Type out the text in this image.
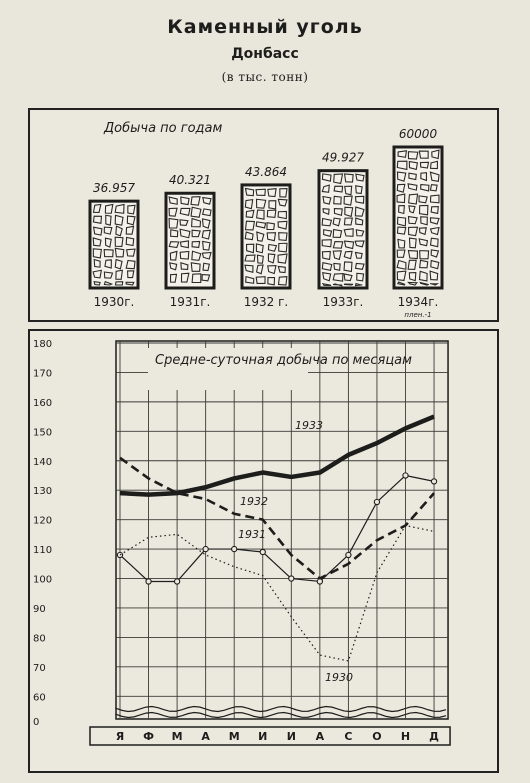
Каменный уголь
Донбасс
(в тыс. тонн)
Добыча по годам
36.957
1930г.
40.321
1931г.
43.864
1932 г.
49.927
1933г.
60000
1934г.
плен.-1
Средне-суточная добыча по месяцам
0
60
70
80
90
100
110
120
130
140
150
160
170
180
Я Ф М А М И И А С О Н Д
1933
1932
1931
1930
